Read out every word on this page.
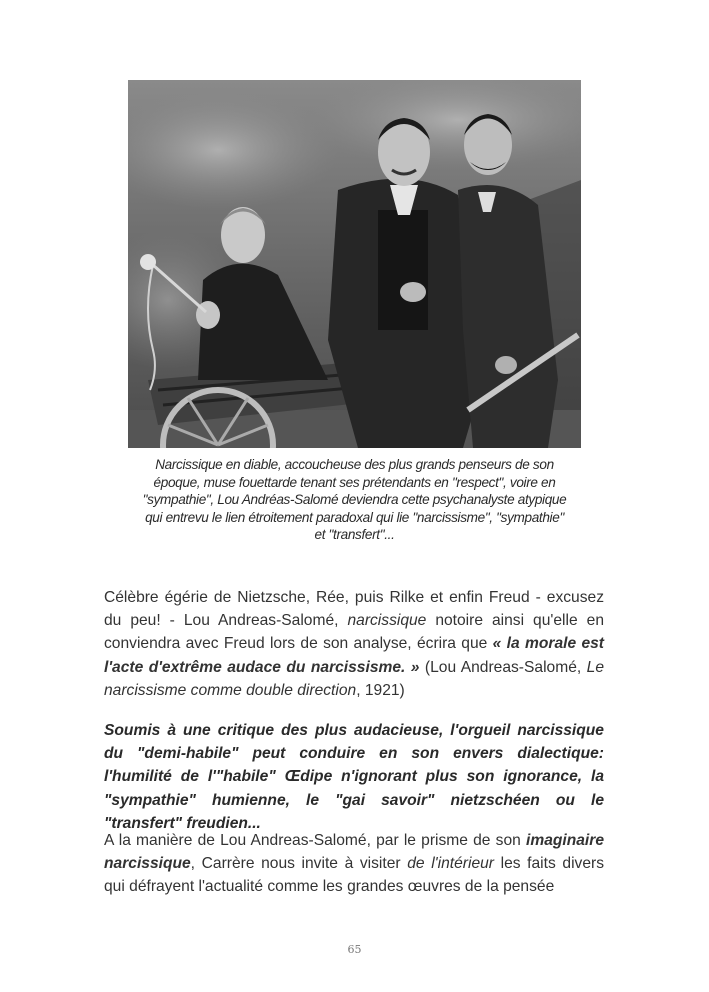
Narcissique en diable, accoucheuse des plus grands penseurs de son
époque, muse fouettarde tenant ses prétendants en "respect", voire en
"sympathie", Lou Andréas-Salomé deviendra cette psychanalyste atypique
qui entrevu le lien étroitement paradoxal qui lie "narcissisme", "sympathie"
et "transfert"...

Célèbre égérie de Nietzsche, Rée, puis Rilke et enfin Freud - excusez du peu! - Lou Andreas-Salomé, narcissique notoire ainsi qu'elle en conviendra avec Freud lors de son analyse, écrira que « la morale est l'acte d'extrême audace du narcissisme. » (Lou Andreas-Salomé, Le narcissisme comme double direction, 1921)

Soumis à une critique des plus audacieuse, l'orgueil narcissique du "demi-habile" peut conduire en son envers dialectique: l'humilité de l'"habile" Œdipe n'ignorant plus son ignorance, la "sympathie" humienne, le "gai savoir" nietzschéen ou le "transfert" freudien...

A la manière de Lou Andreas-Salomé, par le prisme de son imaginaire narcissique, Carrère nous invite à visiter de l'intérieur les faits divers qui défrayent l'actualité comme les grandes œuvres de la pensée

65
